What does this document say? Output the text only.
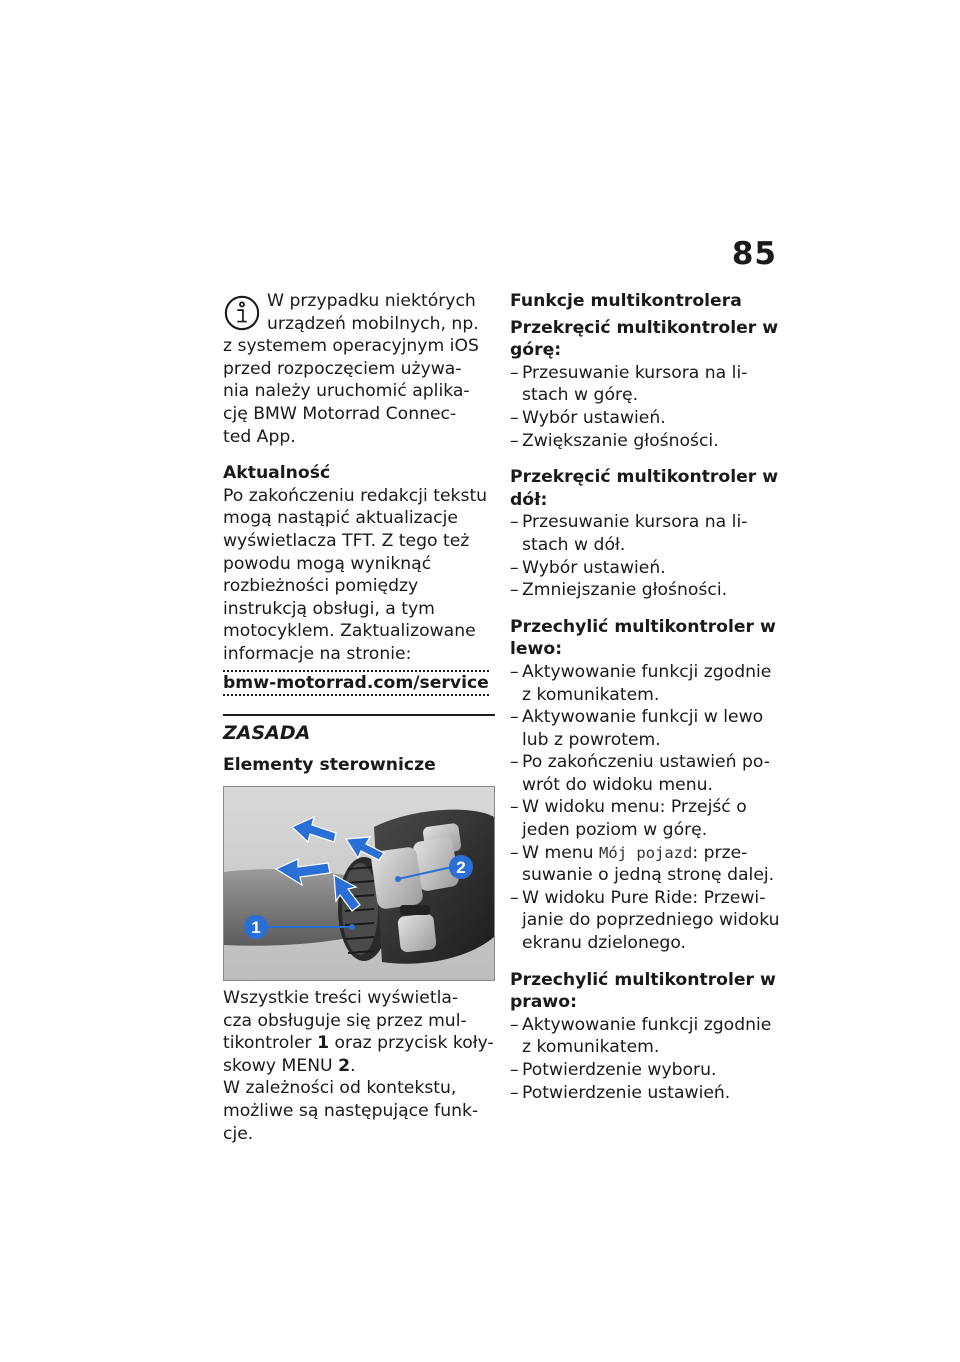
85

W przypadku niektórych

urządzeń mobilnych, np.

z systemem operacyjnym iOS

przed rozpoczęciem używa-

nia należy uruchomić aplika-

cję BMW Motorrad Connec-

ted App.

Aktualność

Po zakończeniu redakcji tekstu

mogą nastąpić aktualizacje

wyświetlacza TFT. Z tego też

powodu mogą wyniknąć

rozbieżności pomiędzy

instrukcją obsługi, a tym

motocyklem. Zaktualizowane

informacje na stronie:

bmw-motorrad.com/service
ZASADA

Elementy sterownicze

2
1

Wszystkie treści wyświetla-

cza obsługuje się przez mul-

tikontroler 1 oraz przycisk koły-

skowy MENU 2.

W zależności od kontekstu,

możliwe są następujące funk-

cje.

Funkcje multikontrolera

Przekręcić multikontroler w

górę:

– Przesuwanie kursora na li-
stach w górę.
– Wybór ustawień.
– Zwiększanie głośności.

Przekręcić multikontroler w

dół:

– Przesuwanie kursora na li-
stach w dół.
– Wybór ustawień.
– Zmniejszanie głośności.

Przechylić multikontroler w

lewo:

– Aktywowanie funkcji zgodnie
z komunikatem.
– Aktywowanie funkcji w lewo
lub z powrotem.
– Po zakończeniu ustawień po-
wrót do widoku menu.
– W widoku menu: Przejść o
jeden poziom w górę.
– W menu Mój pojazd: prze-
suwanie o jedną stronę dalej.
– W widoku Pure Ride: Przewi-
janie do poprzedniego widoku
ekranu dzielonego.

Przechylić multikontroler w

prawo:

– Aktywowanie funkcji zgodnie
z komunikatem.
– Potwierdzenie wyboru.
– Potwierdzenie ustawień.
